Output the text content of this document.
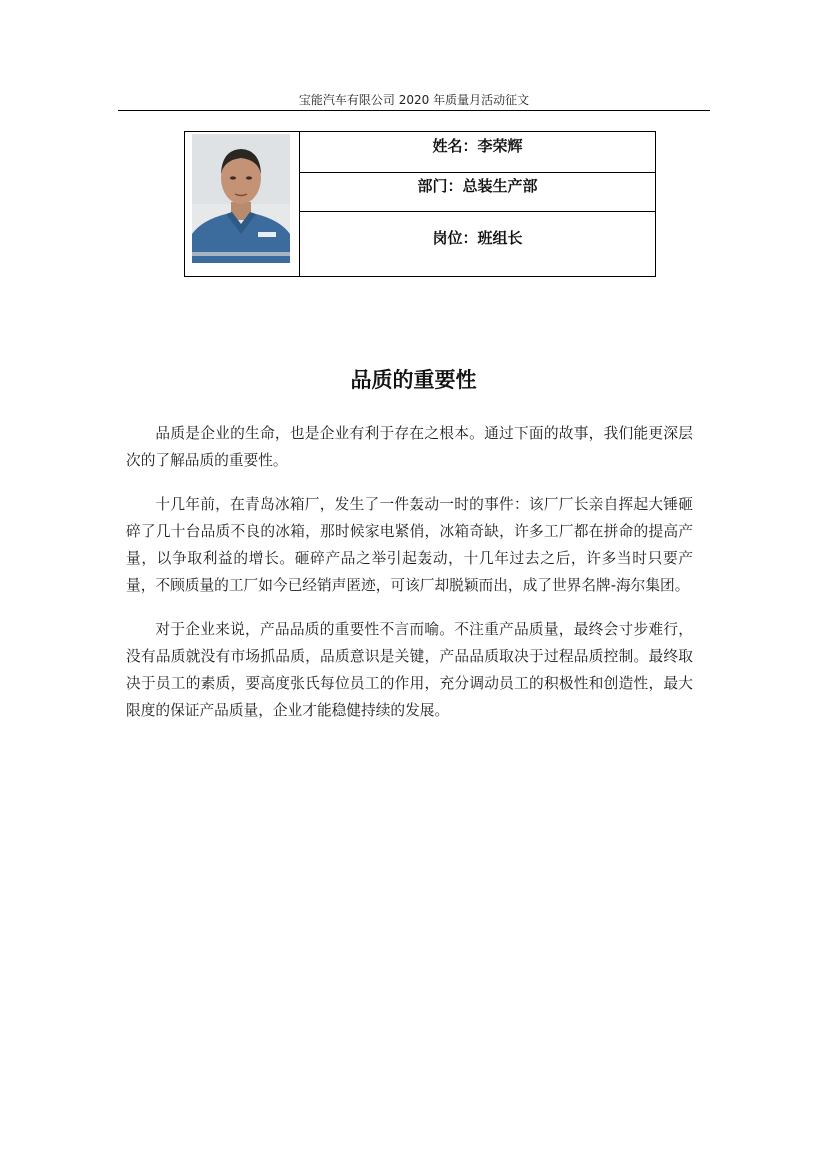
宝能汽车有限公司 2020 年质量月活动征文
姓名：李荣辉
部门：总装生产部
岗位：班组长
品质的重要性

品质是企业的生命，也是企业有利于存在之根本。通过下面的故事，我们能更深层次的了解品质的重要性。

十几年前，在青岛冰箱厂，发生了一件轰动一时的事件：该厂厂长亲自挥起大锤砸碎了几十台品质不良的冰箱，那时候家电紧俏，冰箱奇缺，许多工厂都在拼命的提高产量，以争取利益的增长。砸碎产品之举引起轰动，十几年过去之后，许多当时只要产量，不顾质量的工厂如今已经销声匿迹，可该厂却脱颖而出，成了世界名牌-海尔集团。

对于企业来说，产品品质的重要性不言而喻。不注重产品质量，最终会寸步难行，没有品质就没有市场抓品质，品质意识是关键，产品品质取决于过程品质控制。最终取决于员工的素质，要高度张氏每位员工的作用，充分调动员工的积极性和创造性，最大限度的保证产品质量，企业才能稳健持续的发展。
